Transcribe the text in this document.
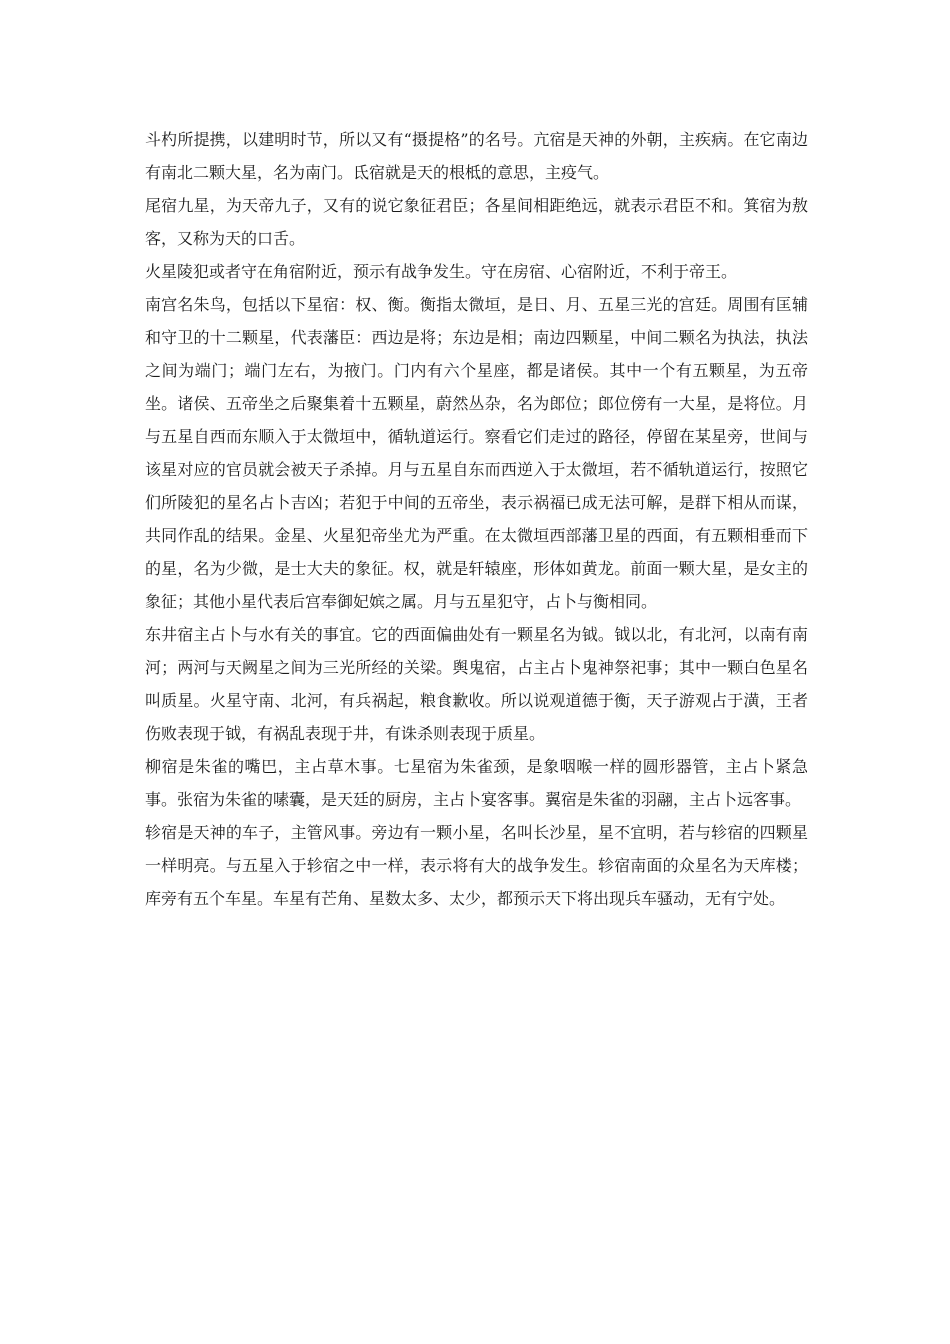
斗杓所提携，以建明时节，所以又有“摄提格”的名号。亢宿是天神的外朝，主疾病。在它南边有南北二颗大星，名为南门。氐宿就是天的根柢的意思，主疫气。

尾宿九星，为天帝九子，又有的说它象征君臣；各星间相距绝远，就表示君臣不和。箕宿为敖客，又称为天的口舌。

火星陵犯或者守在角宿附近，预示有战争发生。守在房宿、心宿附近，不利于帝王。

南宫名朱鸟，包括以下星宿：权、衡。衡指太微垣，是日、月、五星三光的宫廷。周围有匡辅和守卫的十二颗星，代表藩臣：西边是将；东边是相；南边四颗星，中间二颗名为执法，执法之间为端门；端门左右，为掖门。门内有六个星座，都是诸侯。其中一个有五颗星，为五帝坐。诸侯、五帝坐之后聚集着十五颗星，蔚然丛杂，名为郎位；郎位傍有一大星，是将位。月与五星自西而东顺入于太微垣中，循轨道运行。察看它们走过的路径，停留在某星旁，世间与该星对应的官员就会被天子杀掉。月与五星自东而西逆入于太微垣，若不循轨道运行，按照它们所陵犯的星名占卜吉凶；若犯于中间的五帝坐，表示祸福已成无法可解，是群下相从而谋，共同作乱的结果。金星、火星犯帝坐尤为严重。在太微垣西部藩卫星的西面，有五颗相垂而下的星，名为少微，是士大夫的象征。权，就是轩辕座，形体如黄龙。前面一颗大星，是女主的象征；其他小星代表后宫奉御妃嫔之属。月与五星犯守，占卜与衡相同。

东井宿主占卜与水有关的事宜。它的西面偏曲处有一颗星名为钺。钺以北，有北河，以南有南河；两河与天阙星之间为三光所经的关梁。舆鬼宿，占主占卜鬼神祭祀事；其中一颗白色星名叫质星。火星守南、北河，有兵祸起，粮食歉收。所以说观道德于衡，天子游观占于潢，王者伤败表现于钺，有祸乱表现于井，有诛杀则表现于质星。

柳宿是朱雀的嘴巴，主占草木事。七星宿为朱雀颈，是象咽喉一样的圆形器管，主占卜紧急事。张宿为朱雀的嗉囊，是天廷的厨房，主占卜宴客事。翼宿是朱雀的羽翮，主占卜远客事。

轸宿是天神的车子，主管风事。旁边有一颗小星，名叫长沙星，星不宜明，若与轸宿的四颗星一样明亮。与五星入于轸宿之中一样，表示将有大的战争发生。轸宿南面的众星名为天库楼；库旁有五个车星。车星有芒角、星数太多、太少，都预示天下将出现兵车骚动，无有宁处。
